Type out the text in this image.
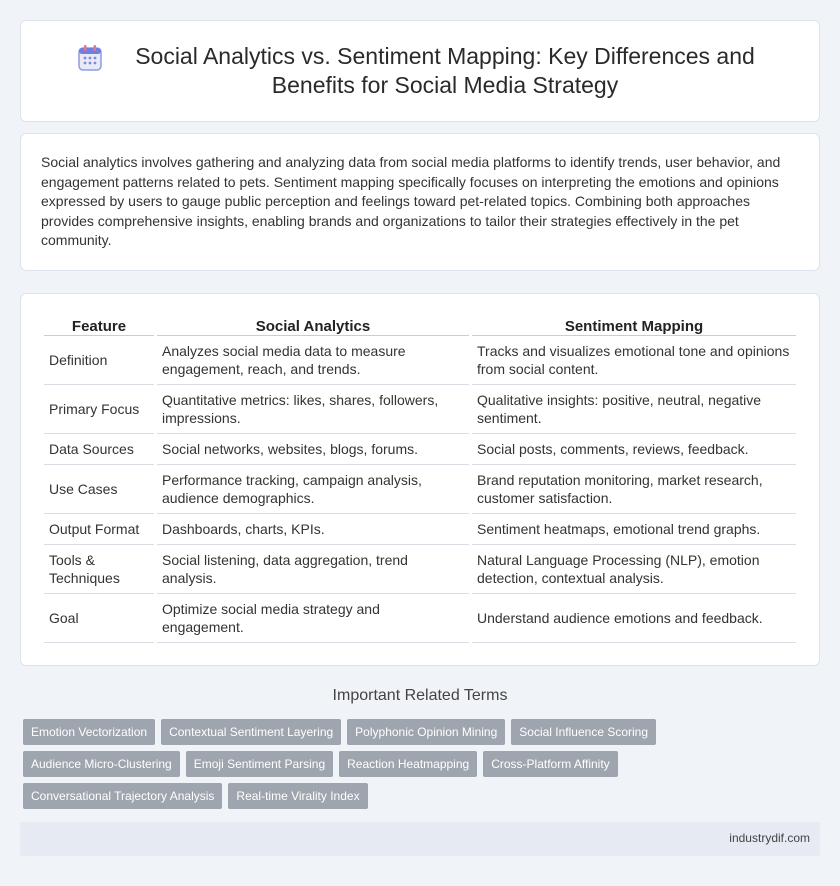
Social Analytics vs. Sentiment Mapping: Key Differences and Benefits for Social Media Strategy

Social analytics involves gathering and analyzing data from social media platforms to identify trends, user behavior, and engagement patterns related to pets. Sentiment mapping specifically focuses on interpreting the emotions and opinions expressed by users to gauge public perception and feelings toward pet-related topics. Combining both approaches provides comprehensive insights, enabling brands and organizations to tailor their strategies effectively in the pet community.

Feature	Social Analytics	Sentiment Mapping
Definition	Analyzes social media data to measure engagement, reach, and trends.	Tracks and visualizes emotional tone and opinions from social content.
Primary Focus	Quantitative metrics: likes, shares, followers, impressions.	Qualitative insights: positive, neutral, negative sentiment.
Data Sources	Social networks, websites, blogs, forums.	Social posts, comments, reviews, feedback.
Use Cases	Performance tracking, campaign analysis, audience demographics.	Brand reputation monitoring, market research, customer satisfaction.
Output Format	Dashboards, charts, KPIs.	Sentiment heatmaps, emotional trend graphs.
Tools & Techniques	Social listening, data aggregation, trend analysis.	Natural Language Processing (NLP), emotion detection, contextual analysis.
Goal	Optimize social media strategy and engagement.	Understand audience emotions and feedback.
Important Related Terms
Emotion Vectorization	Contextual Sentiment Layering	Polyphonic Opinion Mining	Social Influence Scoring
Audience Micro-Clustering	Emoji Sentiment Parsing	Reaction Heatmapping	Cross-Platform Affinity
Conversational Trajectory Analysis	Real-time Virality Index
industrydif.com
